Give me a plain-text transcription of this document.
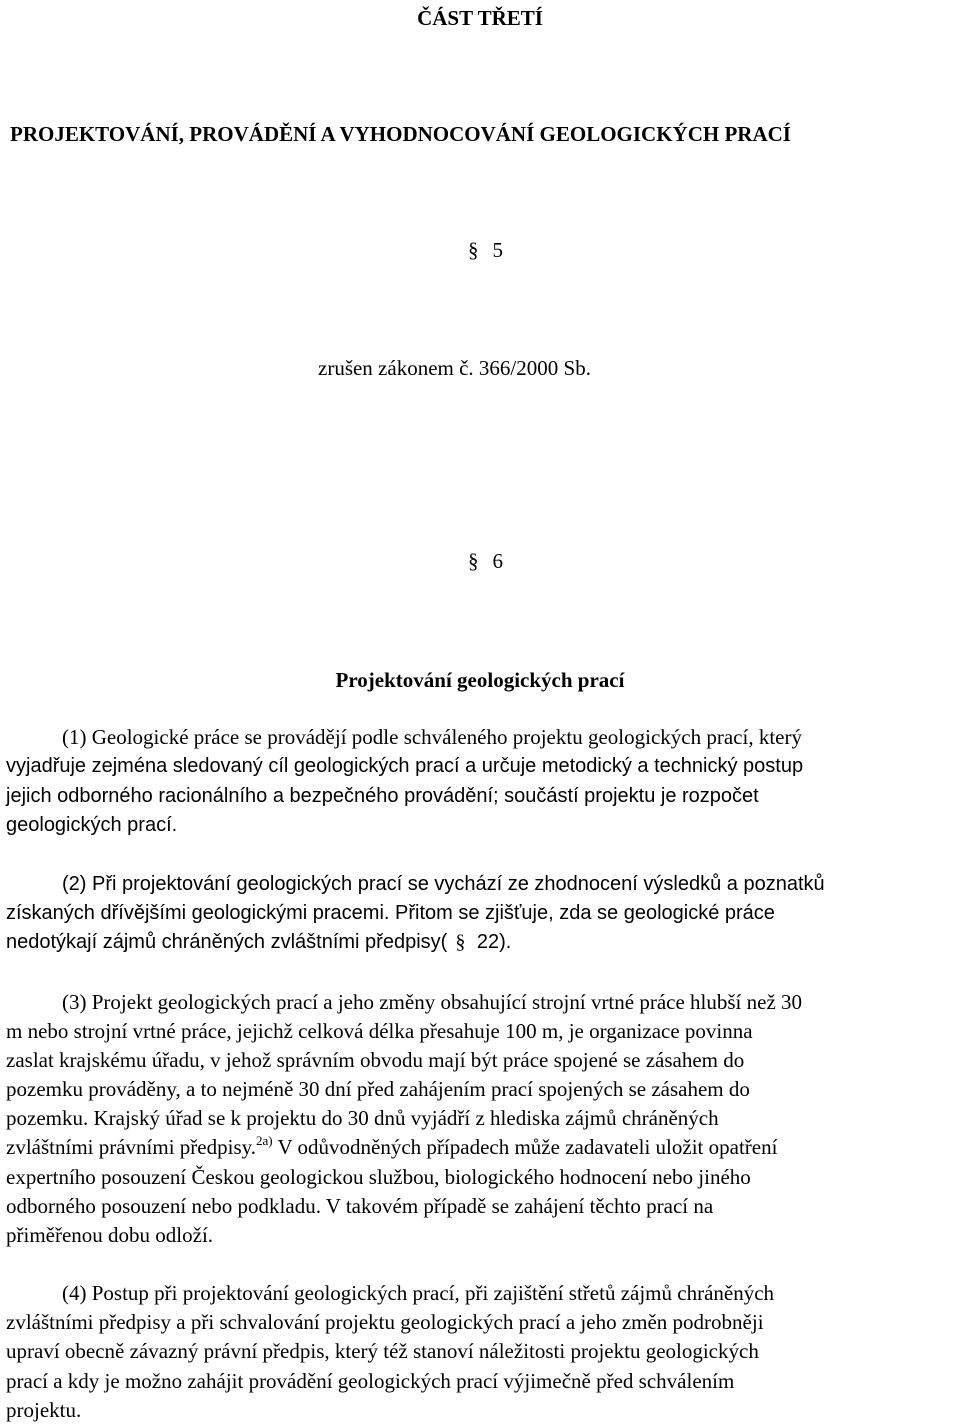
ČÁST TŘETÍ
PROJEKTOVÁNÍ, PROVÁDĚNÍ A VYHODNOCOVÁNÍ GEOLOGICKÝCH PRACÍ
§ 5
zrušen zákonem č. 366/2000 Sb.
§ 6
Projektování geologických prací
(1) Geologické práce se provádějí podle schváleného projektu geologických prací, který
vyjadřuje zejména sledovaný cíl geologických prací a určuje metodický a technický postup
jejich odborného racionálního a bezpečného provádění; součástí projektu je rozpočet
geologických prací.
(2) Při projektování geologických prací se vychází ze zhodnocení výsledků a poznatků
získaných dřívějšími geologickými pracemi. Přitom se zjišťuje, zda se geologické práce
nedotýkají zájmů chráněných zvláštními předpisy( § 22).
(3) Projekt geologických prací a jeho změny obsahující strojní vrtné práce hlubší než 30
m nebo strojní vrtné práce, jejichž celková délka přesahuje 100 m, je organizace povinna
zaslat krajskému úřadu, v jehož správním obvodu mají být práce spojené se zásahem do
pozemku prováděny, a to nejméně 30 dní před zahájením prací spojených se zásahem do
pozemku. Krajský úřad se k projektu do 30 dnů vyjádří z hlediska zájmů chráněných
zvláštními právními předpisy.$^{2a)}$ V odůvodněných případech může zadavateli uložit opatření
expertního posouzení Českou geologickou službou, biologického hodnocení nebo jiného
odborného posouzení nebo podkladu. V takovém případě se zahájení těchto prací na
přiměřenou dobu odloží.
(4) Postup při projektování geologických prací, při zajištění střetů zájmů chráněných
zvláštními předpisy a při schvalování projektu geologických prací a jeho změn podrobněji
upraví obecně závazný právní předpis, který též stanoví náležitosti projektu geologických
prací a kdy je možno zahájit provádění geologických prací výjimečně před schválením
projektu.
